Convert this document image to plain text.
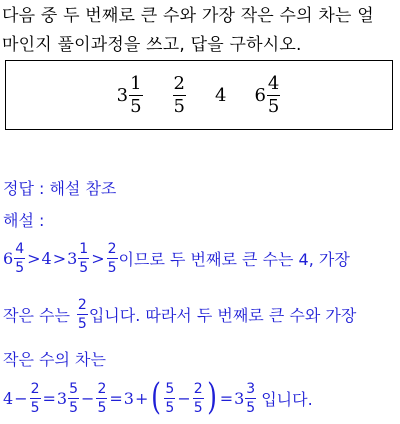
다음 중 두 번째로 큰 수와 가장 작은 수의 차는 얼
마인지 풀이과정을 쓰고, 답을 구하시오.
$3 \frac{1}{5} \frac{2}{5} 4$ $6 \frac{4}{5}$
정답 : 해설 참조
해설 :
$6 \frac{4}{5} > 4 > 3 \frac{1}{5} > \frac{2}{5}$ 이므로 두 번째로 큰 수는 4, 가장
작은 수는 $\frac{2}{5}$ 입니다. 따라서 두 번째로 큰 수와 가장
작은 수의 차는
$4 - \frac{2}{5} = 3 \frac{5}{5} - \frac{2}{5} = 3$ + ( $\frac{5}{5} - \frac{2}{5}$ ) = $3 \frac{3}{5}$ 입니다.
